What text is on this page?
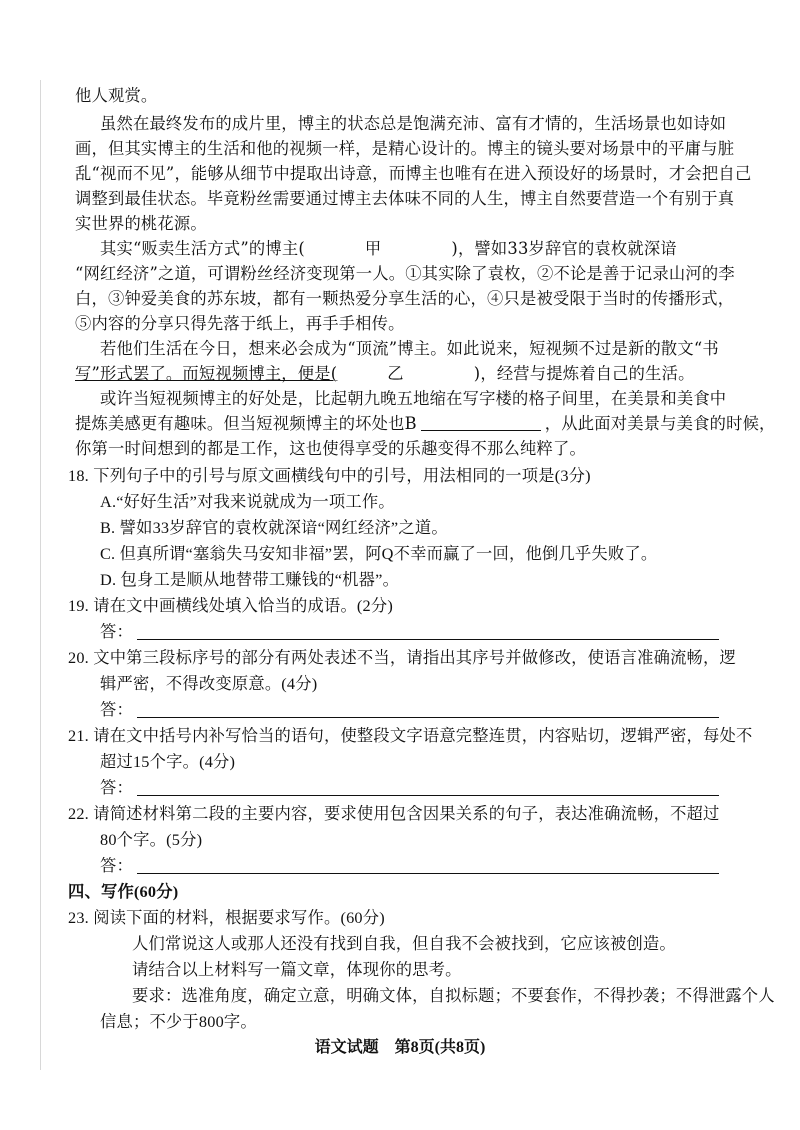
他人观赏。
虽然在最终发布的成片里，博主的状态总是饱满充沛、富有才情的，生活场景也如诗如
画，但其实博主的生活和他的视频一样，是精心设计的。博主的镜头要对场景中的平庸与脏
乱“视而不见”，能够从细节中提取出诗意，而博主也唯有在进入预设好的场景时，才会把自己
调整到最佳状态。毕竟粉丝需要通过博主去体味不同的人生，博主自然要营造一个有别于真
实世界的桃花源。
其实“贩卖生活方式”的博主(	甲	)，譬如33岁辞官的袁枚就深谙
“网红经济”之道，可谓粉丝经济变现第一人。①其实除了袁枚，②不论是善于记录山河的李
白，③钟爱美食的苏东坡，都有一颗热爱分享生活的心，④只是被受限于当时的传播形式，
⑤内容的分享只得先落于纸上，再手手相传。
若他们生活在今日，想来必会成为“顶流”博主。如此说来，短视频不过是新的散文“书
写”形式罢了。而短视频博主，便是(	乙	)，经营与提炼着自己的生活。
或许当短视频博主的好处是，比起朝九晚五地缩在写字楼的格子间里，在美景和美食中
提炼美感更有趣味。但当短视频博主的坏处也B	，从此面对美景与美食的时候，
你第一时间想到的都是工作，这也使得享受的乐趣变得不那么纯粹了。
18. 下列句子中的引号与原文画横线句中的引号，用法相同的一项是(3分)
A.“好好生活”对我来说就成为一项工作。
B. 譬如33岁辞官的袁枚就深谙“网红经济”之道。
C. 但真所谓“塞翁失马安知非福”罢，阿Q不幸而赢了一回，他倒几乎失败了。
D. 包身工是顺从地替带工赚钱的“机器”。
19. 请在文中画横线处填入恰当的成语。(2分)
答：
20. 文中第三段标序号的部分有两处表述不当，请指出其序号并做修改，使语言准确流畅，逻
辑严密，不得改变原意。(4分)
答：
21. 请在文中括号内补写恰当的语句，使整段文字语意完整连贯，内容贴切，逻辑严密，每处不
超过15个字。(4分)
答：
22. 请简述材料第二段的主要内容，要求使用包含因果关系的句子，表达准确流畅，不超过
80个字。(5分)
答：
四、写作(60分)
23. 阅读下面的材料，根据要求写作。(60分)
人们常说这人或那人还没有找到自我，但自我不会被找到，它应该被创造。
请结合以上材料写一篇文章，体现你的思考。
要求：选准角度，确定立意，明确文体，自拟标题；不要套作，不得抄袭；不得泄露个人
信息；不少于800字。
语文试题　第8页(共8页)
